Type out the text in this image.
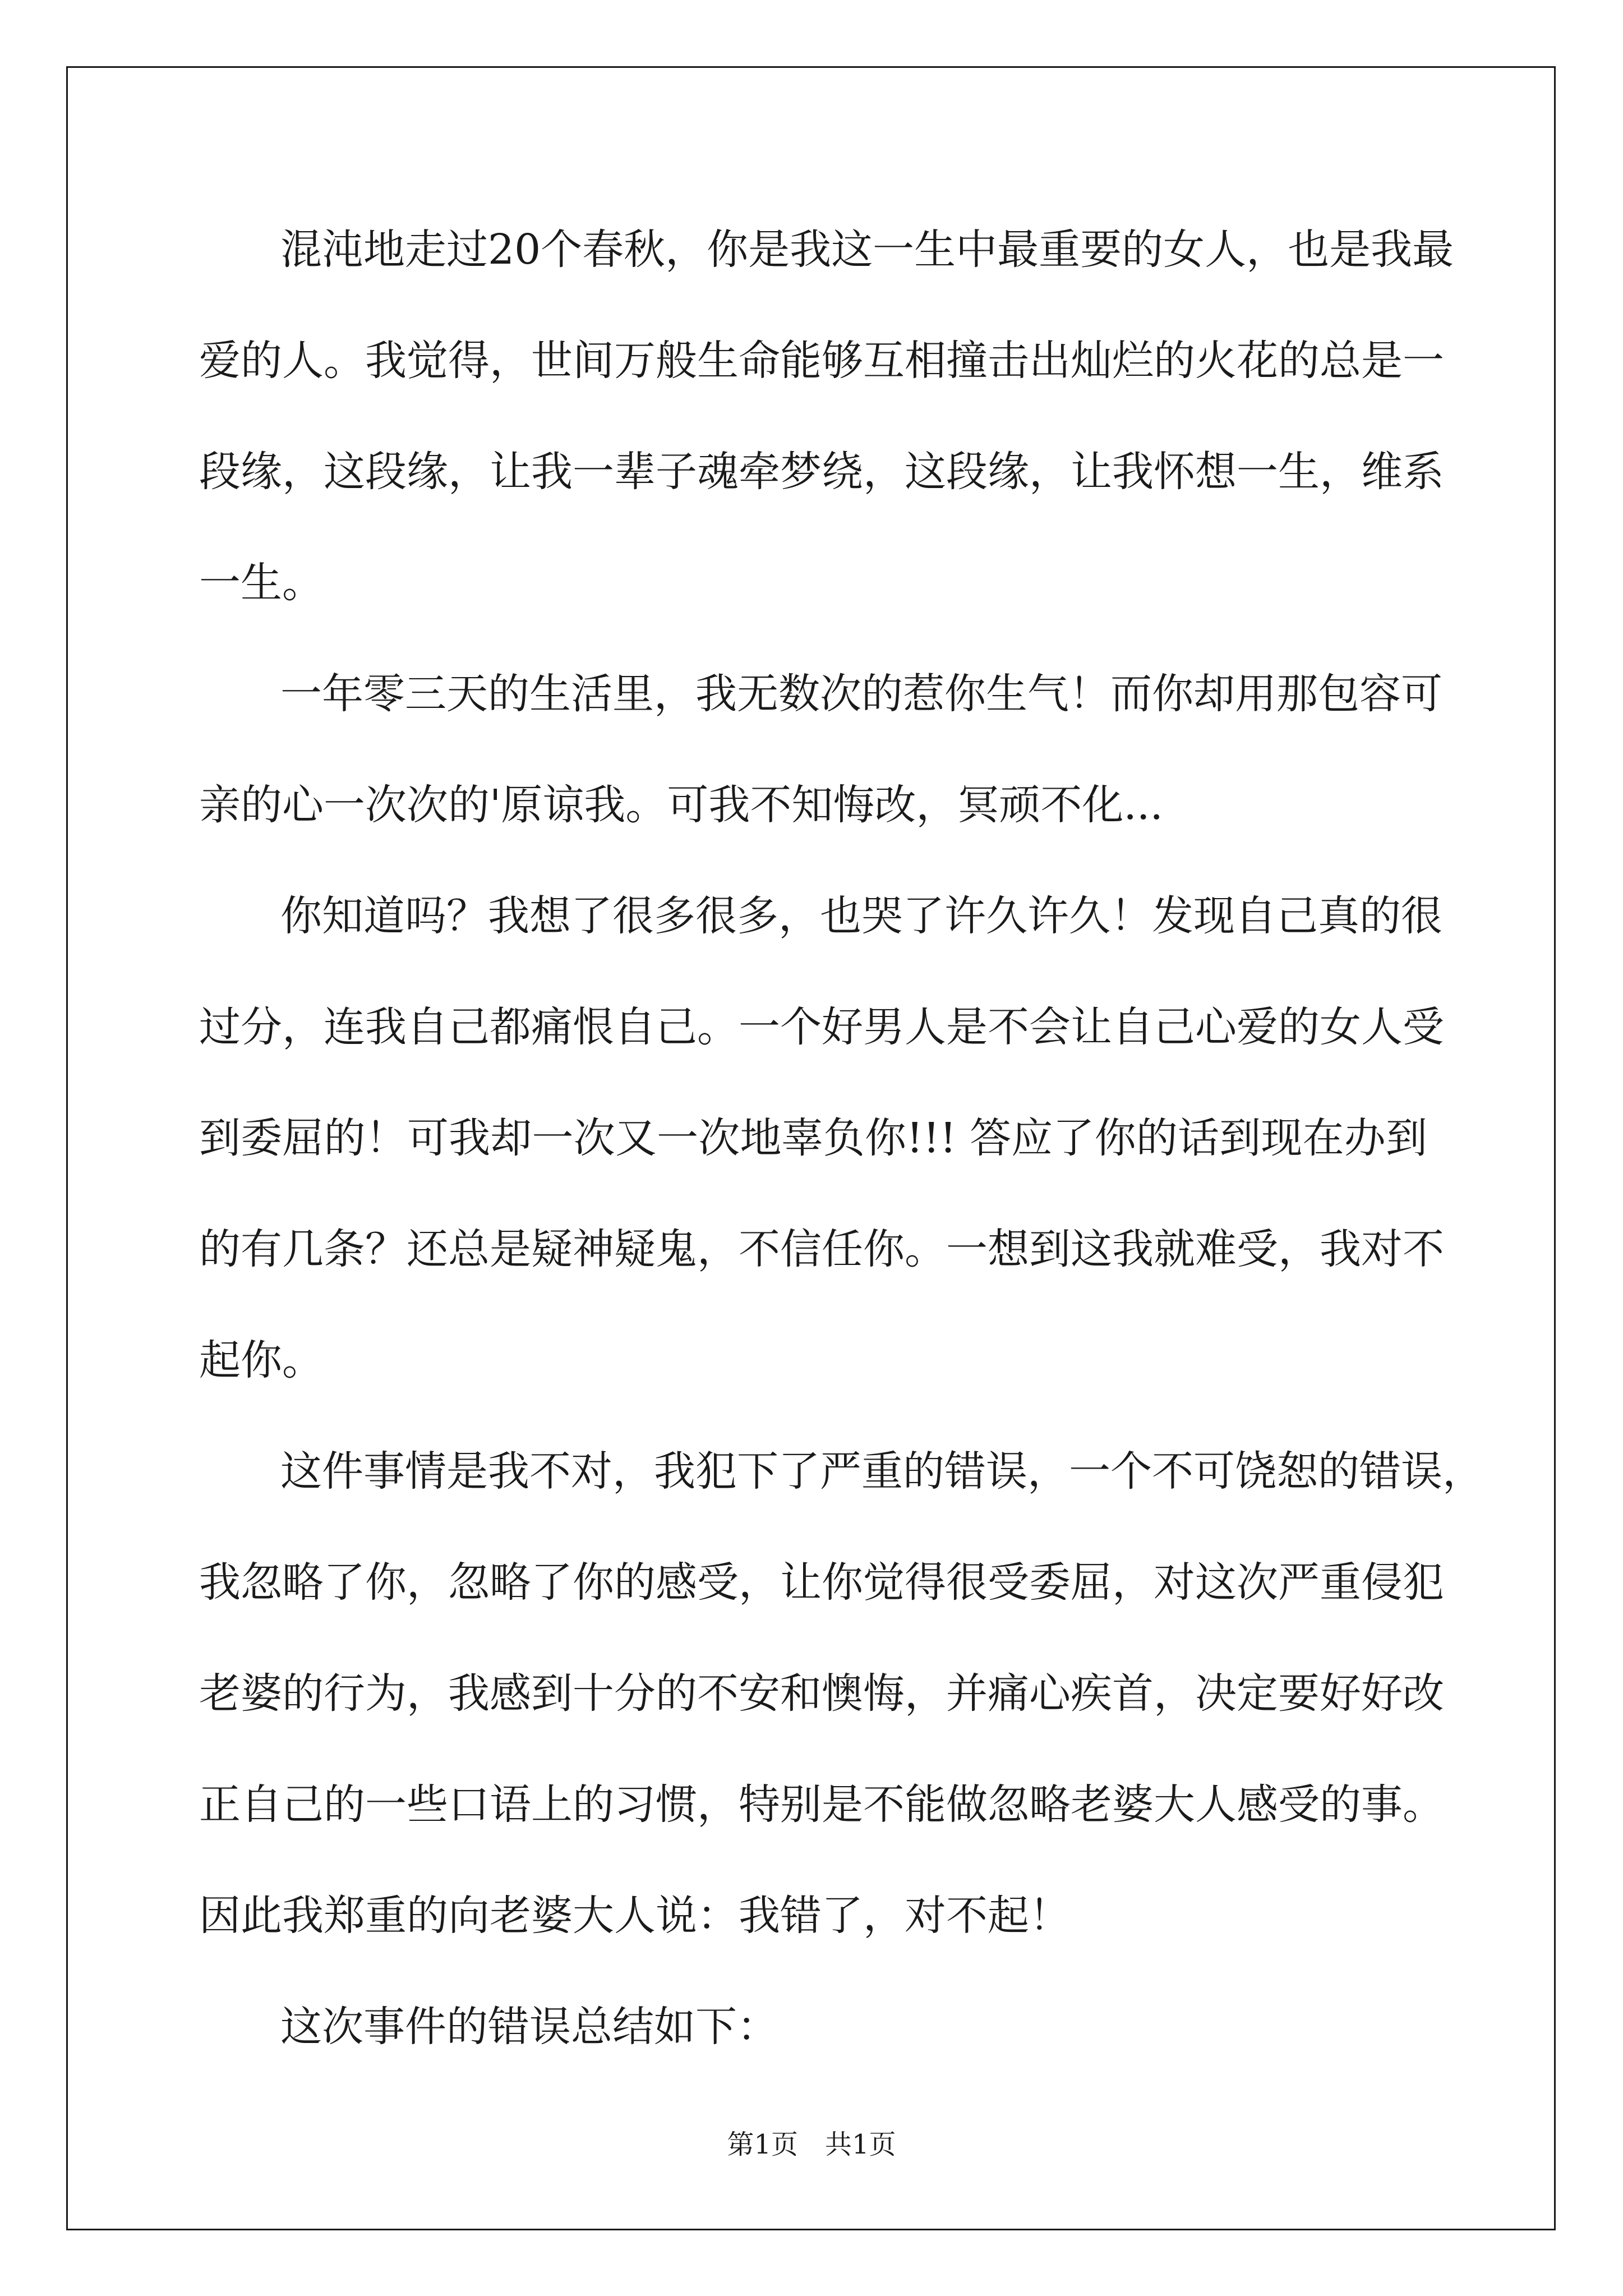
混沌地走过20个春秋，你是我这一生中最重要的女人，也是我最
爱的人。我觉得，世间万般生命能够互相撞击出灿烂的火花的总是一
段缘，这段缘，让我一辈子魂牵梦绕，这段缘，让我怀想一生，维系
一生。
一年零三天的生活里，我无数次的惹你生气！而你却用那包容可
亲的心一次次的'原谅我。可我不知悔改，冥顽不化...
你知道吗？我想了很多很多，也哭了许久许久！发现自己真的很
过分，连我自己都痛恨自己。一个好男人是不会让自己心爱的女人受
到委屈的！可我却一次又一次地辜负你!!! 答应了你的话到现在办到
的有几条？还总是疑神疑鬼，不信任你。一想到这我就难受，我对不
起你。
这件事情是我不对，我犯下了严重的错误，一个不可饶恕的错误，
我忽略了你，忽略了你的感受，让你觉得很受委屈，对这次严重侵犯
老婆的行为，我感到十分的不安和懊悔，并痛心疾首，决定要好好改
正自己的一些口语上的习惯，特别是不能做忽略老婆大人感受的事。
因此我郑重的向老婆大人说：我错了，对不起！
这次事件的错误总结如下：
第1页　共1页
